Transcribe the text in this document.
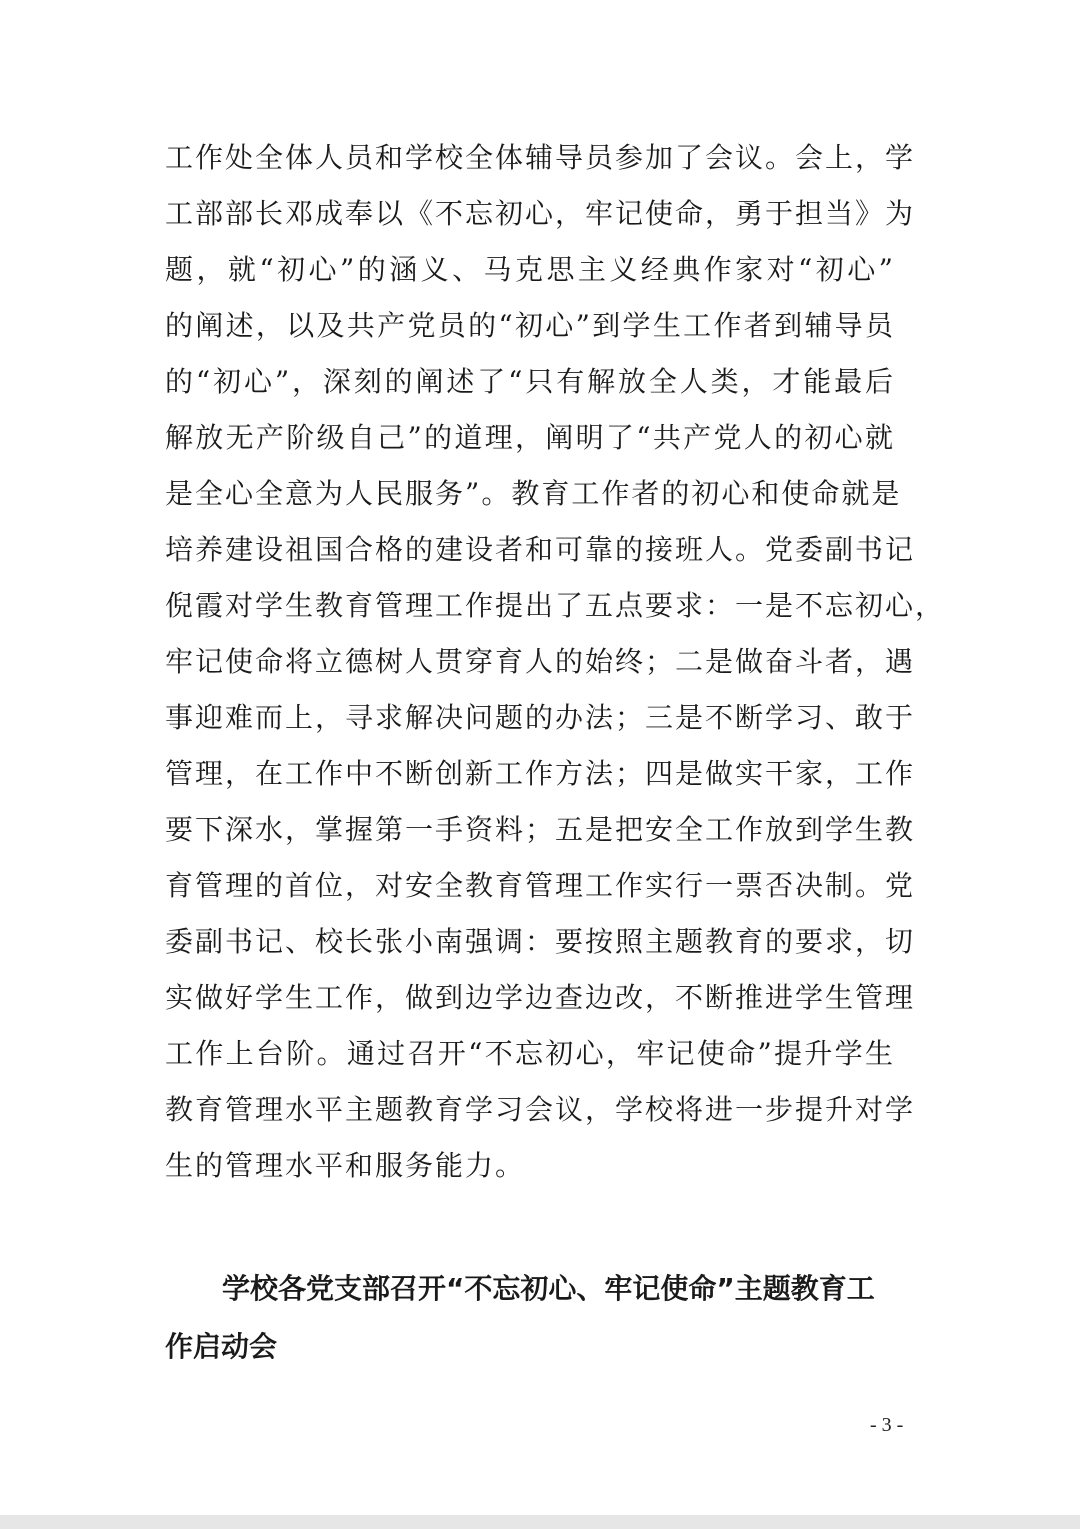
工作处全体人员和学校全体辅导员参加了会议。会上，学
工部部长邓成奉以《不忘初心，牢记使命，勇于担当》为
题，就“初心”的涵义、马克思主义经典作家对“初心”
的阐述，以及共产党员的“初心”到学生工作者到辅导员
的“初心”，深刻的阐述了“只有解放全人类，才能最后
解放无产阶级自己”的道理，阐明了“共产党人的初心就
是全心全意为人民服务”。教育工作者的初心和使命就是
培养建设祖国合格的建设者和可靠的接班人。党委副书记
倪霞对学生教育管理工作提出了五点要求：一是不忘初心，
牢记使命将立德树人贯穿育人的始终；二是做奋斗者，遇
事迎难而上，寻求解决问题的办法；三是不断学习、敢于
管理，在工作中不断创新工作方法；四是做实干家，工作
要下深水，掌握第一手资料；五是把安全工作放到学生教
育管理的首位，对安全教育管理工作实行一票否决制。党
委副书记、校长张小南强调：要按照主题教育的要求，切
实做好学生工作，做到边学边查边改，不断推进学生管理
工作上台阶。通过召开“不忘初心，牢记使命”提升学生
教育管理水平主题教育学习会议，学校将进一步提升对学
生的管理水平和服务能力。
学校各党支部召开“不忘初心、牢记使命”主题教育工
作启动会
- 3 -
